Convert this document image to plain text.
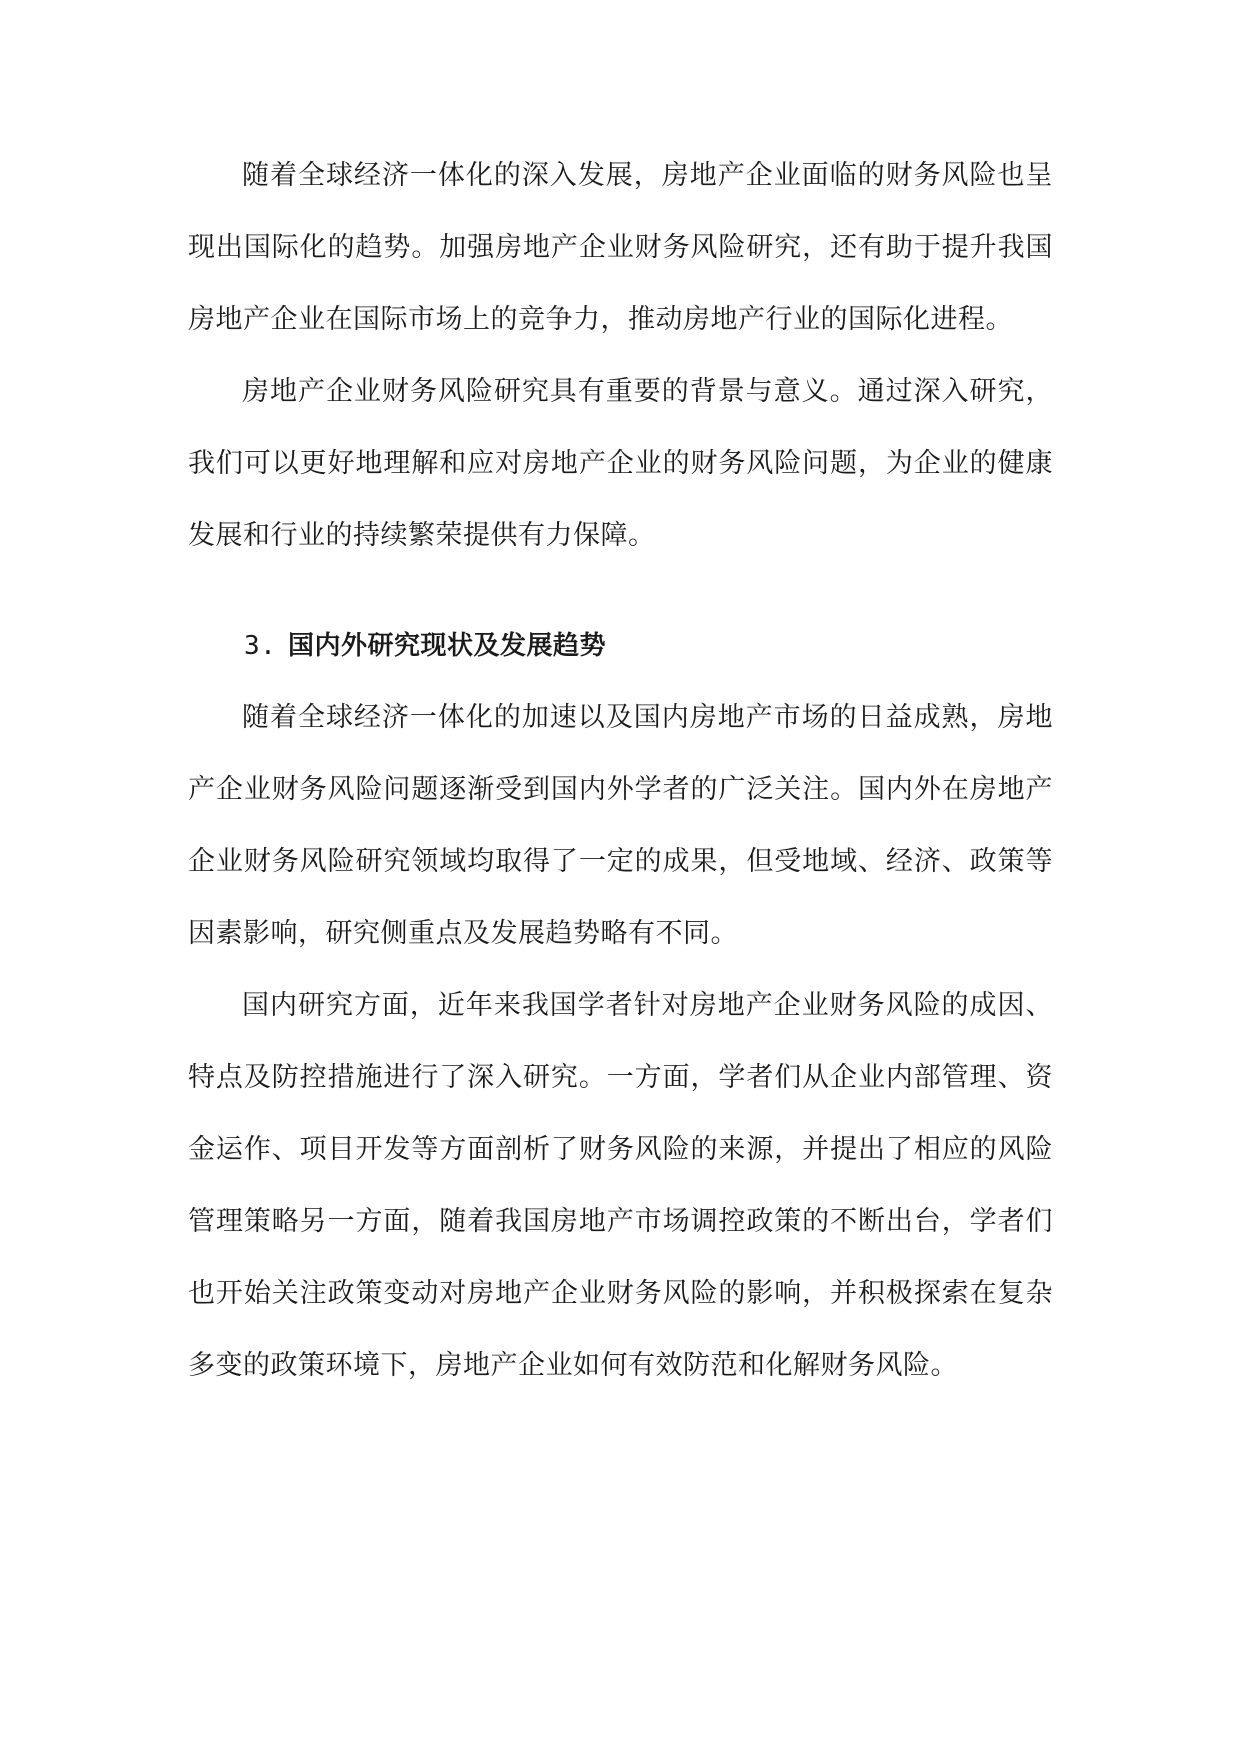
随着全球经济一体化的深入发展，房地产企业面临的财务风险也呈现出国际化的趋势。加强房地产企业财务风险研究，还有助于提升我国房地产企业在国际市场上的竞争力，推动房地产行业的国际化进程。

房地产企业财务风险研究具有重要的背景与意义。通过深入研究，我们可以更好地理解和应对房地产企业的财务风险问题，为企业的健康发展和行业的持续繁荣提供有力保障。

3. 国内外研究现状及发展趋势

随着全球经济一体化的加速以及国内房地产市场的日益成熟，房地产企业财务风险问题逐渐受到国内外学者的广泛关注。国内外在房地产企业财务风险研究领域均取得了一定的成果，但受地域、经济、政策等因素影响，研究侧重点及发展趋势略有不同。

国内研究方面，近年来我国学者针对房地产企业财务风险的成因、特点及防控措施进行了深入研究。一方面，学者们从企业内部管理、资金运作、项目开发等方面剖析了财务风险的来源，并提出了相应的风险管理策略另一方面，随着我国房地产市场调控政策的不断出台，学者们也开始关注政策变动对房地产企业财务风险的影响，并积极探索在复杂多变的政策环境下，房地产企业如何有效防范和化解财务风险。
